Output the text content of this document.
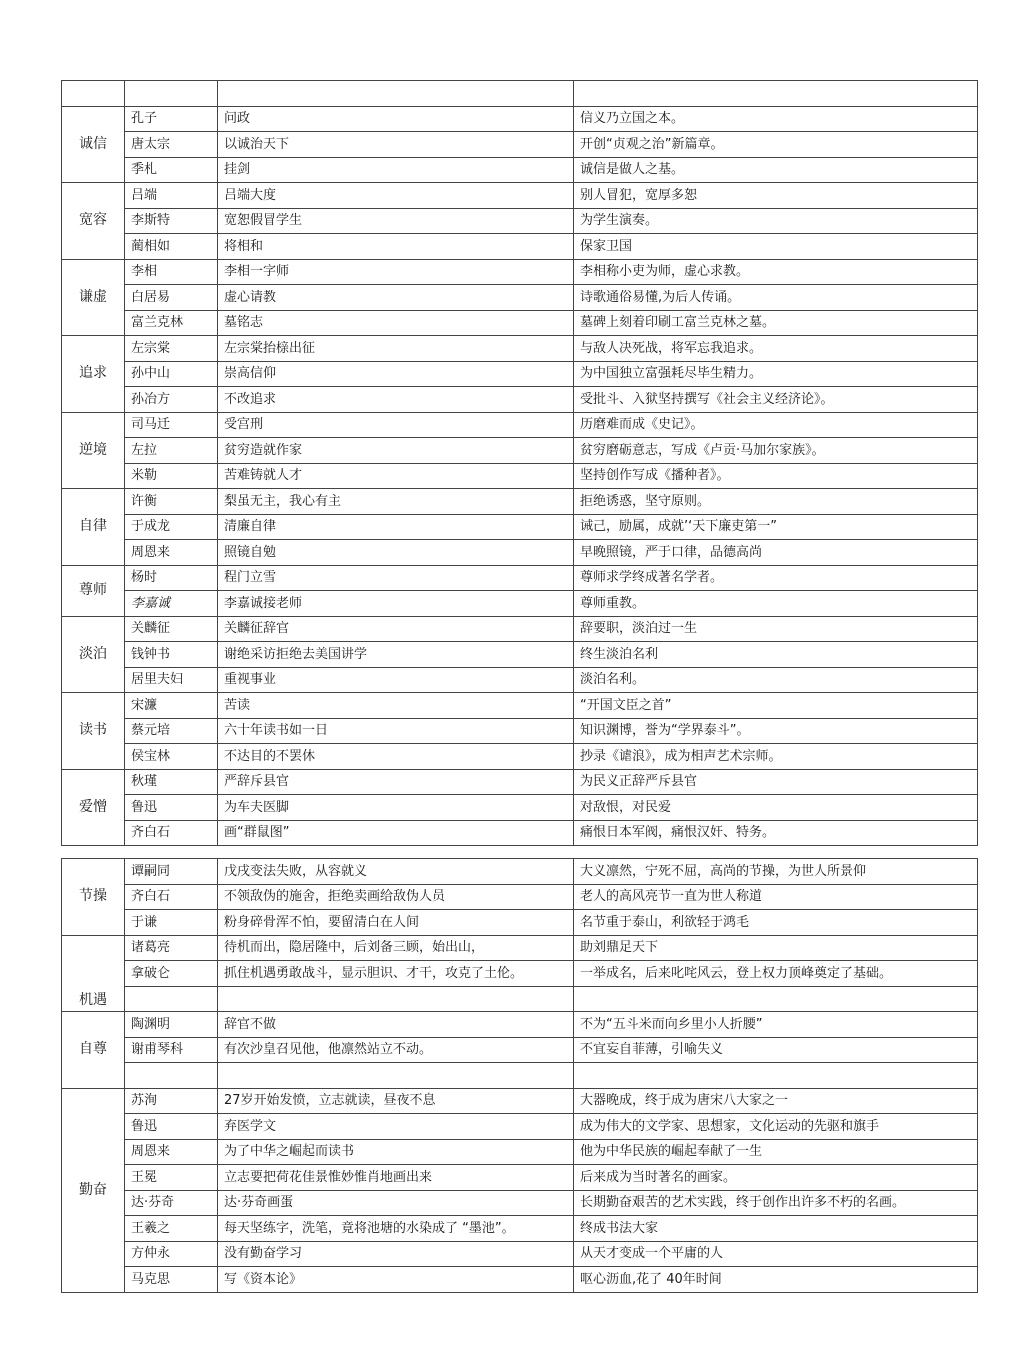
诚信	孔子	问政	信义乃立国之本。
	唐太宗	以诚治天下	开创“贞观之治”新篇章。
	季札	挂剑	诚信是做人之基。
宽容	吕端	吕端大度	别人冒犯，宽厚多恕
	李斯特	宽恕假冒学生	为学生演奏。
	蔺相如	将相和	保家卫国
谦虚	李相	李相一字师	李相称小吏为师，虚心求教。
	白居易	虚心请教	诗歌通俗易懂,为后人传诵。
	富兰克林	墓铭志	墓碑上刻着印刷工富兰克林之墓。
追求	左宗棠	左宗棠抬榇出征	与敌人决死战，将军忘我追求。
	孙中山	崇高信仰	为中国独立富强耗尽毕生精力。
	孙冶方	不改追求	受批斗、入狱坚持撰写《社会主义经济论》。
逆境	司马迁	受宫刑	历磨难而成《史记》。
	左拉	贫穷造就作家	贫穷磨砺意志，写成《卢贡·马加尔家族》。
	米勒	苦难铸就人才	坚持创作写成《播种者》。
自律	许衡	梨虽无主，我心有主	拒绝诱惑，坚守原则。
	于成龙	清廉自律	诫己，励属，成就’‘天下廉吏第一”
	周恩来	照镜自勉	早晚照镜，严于口律，品德高尚
尊师	杨时	程门立雪	尊师求学终成著名学者。
	李嘉诚	李嘉诚接老师	尊师重教。
淡泊	关麟征	关麟征辞官	辞要职，淡泊过一生
	钱钟书	谢绝采访拒绝去美国讲学	终生淡泊名利
	居里夫妇	重视事业	淡泊名利。
读书	宋濂	苦读	“开国文臣之首”
	蔡元培	六十年读书如一日	知识渊博，誉为“学界泰斗”。
	侯宝林	不达目的不罢休	抄录《谑浪》，成为相声艺术宗师。
爱憎	秋瑾	严辞斥县官	为民义正辞严斥县官
	鲁迅	为车夫医脚	对敌恨，对民爱
	齐白石	画“群鼠图”	痛恨日本军阀，痛恨汉奸、特务。
节操	谭嗣同	戊戌变法失败，从容就义	大义凛然，宁死不屈，高尚的节操，为世人所景仰
	齐白石	不领敌伪的施舍，拒绝卖画给敌伪人员	老人的高风亮节一直为世人称道
	于谦	粉身碎骨浑不怕，要留清白在人间	名节重于泰山，利欲轻于鸿毛
机遇	诸葛亮	待机而出，隐居隆中，后刘备三顾，始出山，	助刘鼎足天下
	拿破仑	抓住机遇勇敢战斗，显示胆识、才干，攻克了土伦。	一举成名，后来叱咤风云，登上权力顶峰奠定了基础。

自尊	陶渊明	辞官不做	不为“五斗米而向乡里小人折腰”
	谢甫琴科	有次沙皇召见他，他凛然站立不动。	不宜妄自菲薄，引喻失义

勤奋	苏洵	27岁开始发愤，立志就读，昼夜不息	大器晚成，终于成为唐宋八大家之一
	鲁迅	弃医学文	成为伟大的文学家、思想家，文化运动的先驱和旗手
	周恩来	为了中华之崛起而读书	他为中华民族的崛起奉献了一生
	王冕	立志要把荷花佳景惟妙惟肖地画出来	后来成为当时著名的画家。
	达·芬奇	达·芬奇画蛋	长期勤奋艰苦的艺术实践，终于创作出许多不朽的名画。
	王羲之	每天坚练字，洗笔，竟将池塘的水染成了 “墨池”。	终成书法大家
	方仲永	没有勤奋学习	从天才变成一个平庸的人
	马克思	写《资本论》	呕心沥血,花了 40年时间
